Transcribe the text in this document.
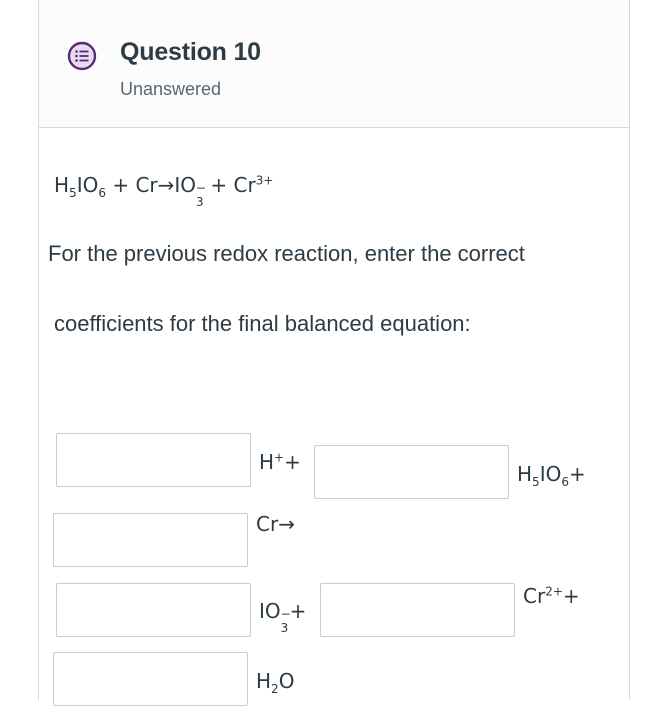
Question 10
Unanswered
$H_5IO_6 + Cr\to IO$ −
3
+ $Cr^{3+}$
For the previous redox reaction, enter the correct
coefficients for the final balanced equation:
H++	$H_5IO_6+$
Cr→
IO −
3
+
$Cr^{2+}+$
$H_2O$
